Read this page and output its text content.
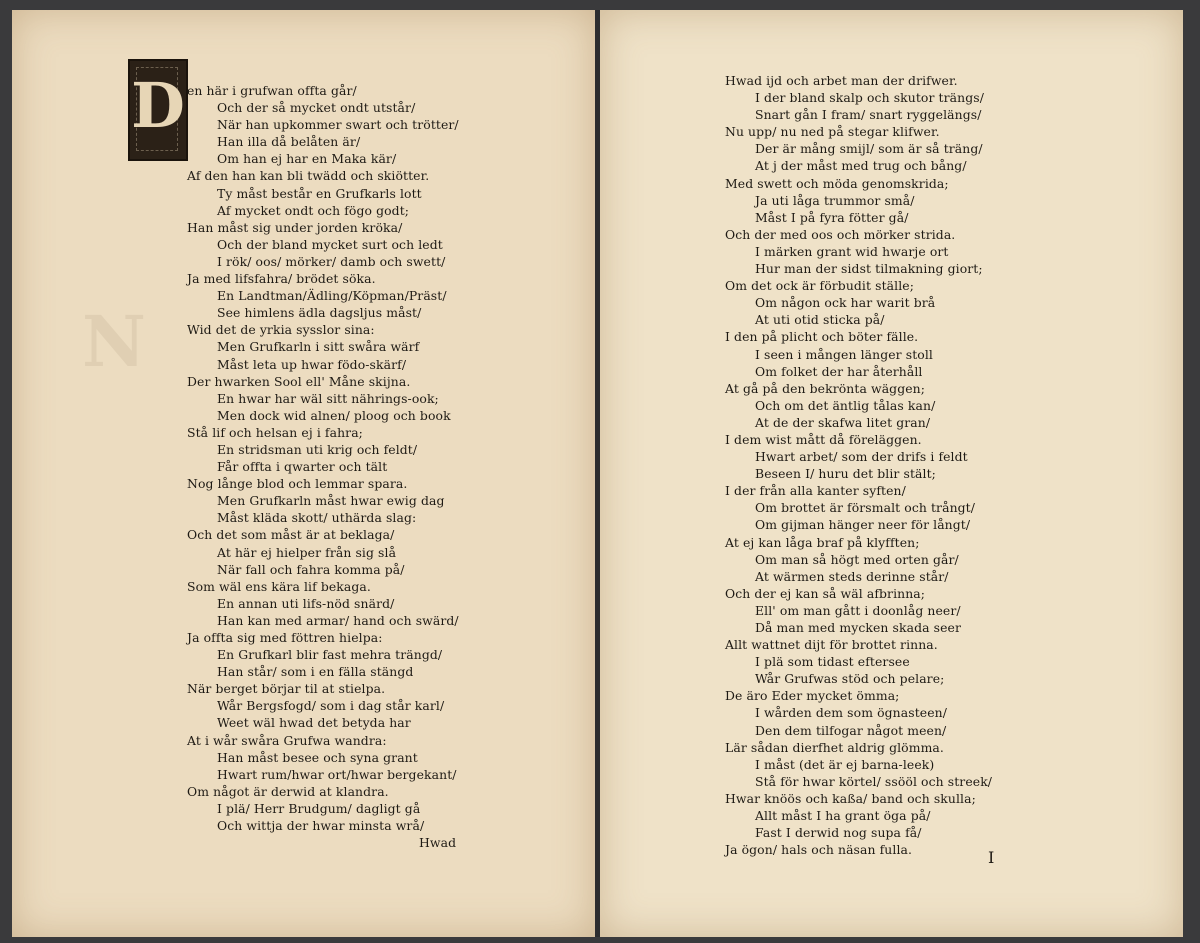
N
D en här i grufwan offta går/
Och der så mycket ondt utstår/
När han upkommer swart och trötter/
Han illa då belåten är/
Om han ej har en Maka kär/
Af den han kan bli twädd och skiötter.
Ty måst består en Grufkarls lott
Af mycket ondt och fögo godt;
Han måst sig under jorden kröka/
Och der bland mycket surt och ledt
I rök/ oos/ mörker/ damb och swett/
Ja med lifsfahra/ brödet söka.
En Landtman/Ädling/Köpman/Präst/
See himlens ädla dagsljus måst/
Wid det de yrkia sysslor sina:
Men Grufkarln i sitt swåra wärf
Måst leta up hwar födo-skärf/
Der hwarken Sool ell' Måne skijna.
En hwar har wäl sitt nährings-ook;
Men dock wid alnen/ ploog och book
Stå lif och helsan ej i fahra;
En stridsman uti krig och feldt/
Får offta i qwarter och tält
Nog långe blod och lemmar spara.
Men Grufkarln måst hwar ewig dag
Måst kläda skott/ uthärda slag:
Och det som måst är at beklaga/
At här ej hielper från sig slå
När fall och fahra komma på/
Som wäl ens kära lif bekaga.
En annan uti lifs-nöd snärd/
Han kan med armar/ hand och swärd/
Ja offta sig med föttren hielpa:
En Grufkarl blir fast mehra trängd/
Han står/ som i en fälla stängd
När berget börjar til at stielpa.
Wår Bergsfogd/ som i dag står karl/
Weet wäl hwad det betyda har
At i wår swåra Grufwa wandra:
Han måst besee och syna grant
Hwart rum/hwar ort/hwar bergekant/
Om något är derwid at klandra.
I plä/ Herr Brudgum/ dagligt gå
Och wittja der hwar minsta wrå/
Hwad
Hwad ijd och arbet man der drifwer.
I der bland skalp och skutor trängs/
Snart gån I fram/ snart ryggelängs/
Nu upp/ nu ned på stegar klifwer.
Der är mång smijl/ som är så träng/
At j der måst med trug och bång/
Med swett och möda genomskrida;
Ja uti låga trummor små/
Måst I på fyra fötter gå/
Och der med oos och mörker strida.
I märken grant wid hwarje ort
Hur man der sidst tilmakning giort;
Om det ock är förbudit ställe;
Om någon ock har warit brå
At uti otid sticka på/
I den på plicht och böter fälle.
I seen i mången länger stoll
Om folket der har återhåll
At gå på den bekrönta wäggen;
Och om det äntlig tålas kan/
At de der skafwa litet gran/
I dem wist mått då föreläggen.
Hwart arbet/ som der drifs i feldt
Beseen I/ huru det blir stält;
I der från alla kanter syften/
Om brottet är försmalt och trångt/
Om gijman hänger neer för långt/
At ej kan låga braf på klyfften;
Om man så högt med orten går/
At wärmen steds derinne står/
Och der ej kan så wäl afbrinna;
Ell' om man gått i doonlåg neer/
Då man med mycken skada seer
Allt wattnet dijt för brottet rinna.
I plä som tidast eftersee
Wår Grufwas stöd och pelare;
De äro Eder mycket ömma;
I wården dem som ögnasteen/
Den dem tilfogar något meen/
Lär sådan dierfhet aldrig glömma.
I måst (det är ej barna-leek)
Stå för hwar körtel/ ssööl och streek/
Hwar knöös och kaßa/ band och skulla;
Allt måst I ha grant öga på/
Fast I derwid nog supa få/
Ja ögon/ hals och näsan fulla.	I
